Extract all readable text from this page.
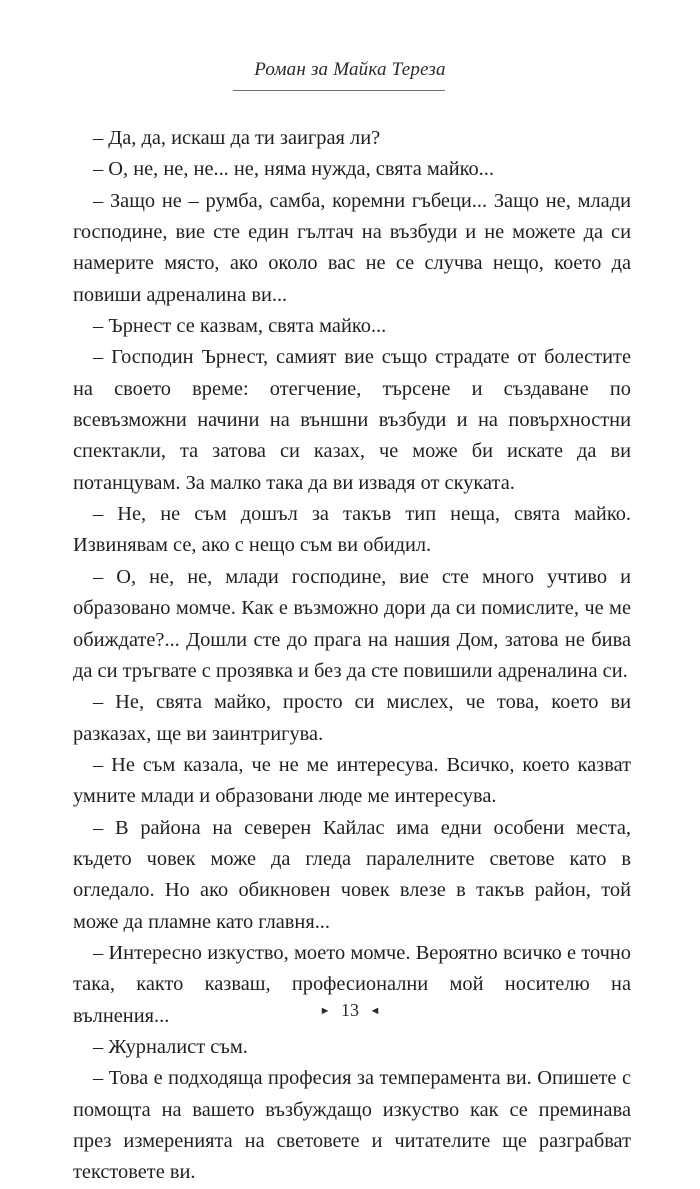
Роман за Майка Тереза

– Да, да, искаш да ти заиграя ли?

– О, не, не, не... не, няма нужда, свята майко...

– Защо не – румба, самба, коремни гъбеци... Защо не, млади господине, вие сте един гълтач на възбуди и не можете да си намерите място, ако около вас не се случва нещо, което да повиши адреналина ви...

– Ърнест се казвам, свята майко...

– Господин Ърнест, самият вие също страдате от болестите на своето време: отегчение, търсене и създаване по всевъзможни начини на външни възбуди и на повърхностни спектакли, та затова си казах, че може би искате да ви потанцувам. За малко така да ви извадя от скуката.

– Не, не съм дошъл за такъв тип неща, свята майко. Извинявам се, ако с нещо съм ви обидил.

– О, не, не, млади господине, вие сте много учтиво и образовано момче. Как е възможно дори да си помислите, че ме обиждате?... Дошли сте до прага на нашия Дом, затова не бива да си тръгвате с прозявка и без да сте повишили адреналина си.

– Не, свята майко, просто си мислех, че това, което ви разказах, ще ви заинтригува.

– Не съм казала, че не ме интересува. Всичко, което казват умните млади и образовани люде ме интересува.

– В района на северен Кайлас има едни особени места, където човек може да гледа паралелните светове като в огледало. Но ако обикновен човек влезе в такъв район, той може да пламне като главня...

– Интересно изкуство, моето момче. Вероятно всичко е точно така, както казваш, професионални мой носителю на вълнения...

– Журналист съм.

– Това е подходяща професия за темперамента ви. Опишете с помощта на вашето възбуждащо изкуство как се преминава през измеренията на световете и читателите ще разграбват текстовете ви.

► 13 ◄
